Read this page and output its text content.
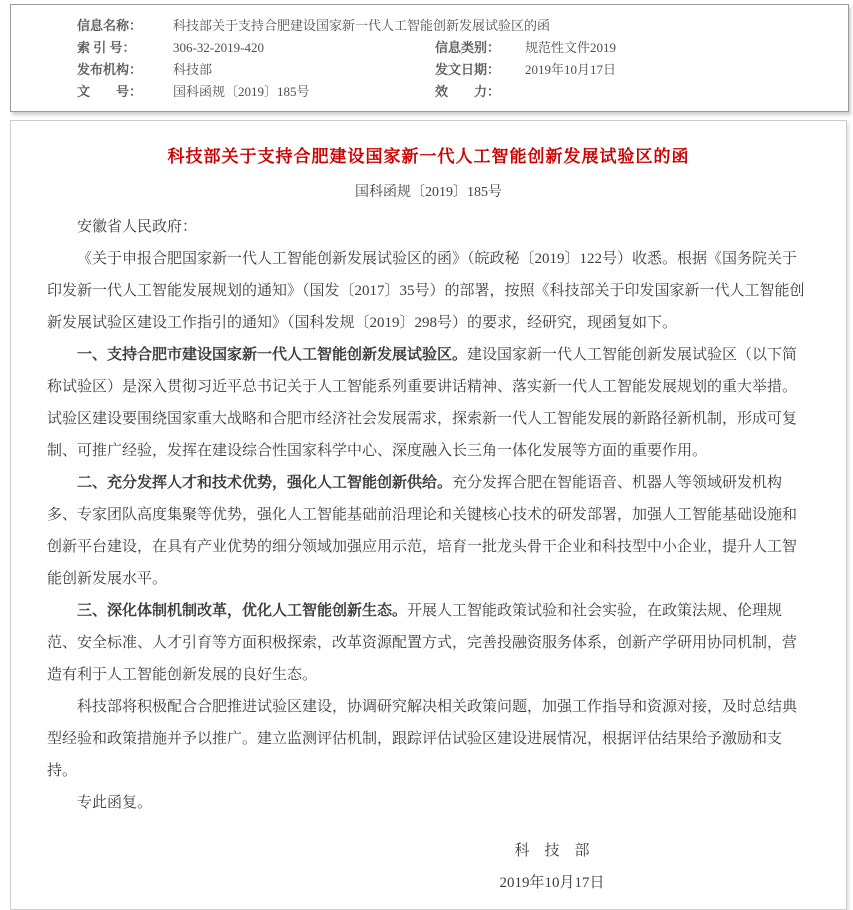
信息名称：	科技部关于支持合肥建设国家新一代人工智能创新发展试验区的函
索 引 号：	306-32-2019-420	信息类别：	规范性文件2019
发布机构：	科技部	发文日期：	2019年10月17日
文　　号：	国科函规〔2019〕185号	效　　力：
科技部关于支持合肥建设国家新一代人工智能创新发展试验区的函
国科函规〔2019〕185号

安徽省人民政府：

《关于申报合肥国家新一代人工智能创新发展试验区的函》（皖政秘〔2019〕122号）收悉。根据《国务院关于印发新一代人工智能发展规划的通知》（国发〔2017〕35号）的部署，按照《科技部关于印发国家新一代人工智能创新发展试验区建设工作指引的通知》（国科发规〔2019〕298号）的要求，经研究，现函复如下。

一、支持合肥市建设国家新一代人工智能创新发展试验区。建设国家新一代人工智能创新发展试验区（以下简称试验区）是深入贯彻习近平总书记关于人工智能系列重要讲话精神、落实新一代人工智能发展规划的重大举措。试验区建设要围绕国家重大战略和合肥市经济社会发展需求，探索新一代人工智能发展的新路径新机制，形成可复制、可推广经验，发挥在建设综合性国家科学中心、深度融入长三角一体化发展等方面的重要作用。

二、充分发挥人才和技术优势，强化人工智能创新供给。充分发挥合肥在智能语音、机器人等领域研发机构多、专家团队高度集聚等优势，强化人工智能基础前沿理论和关键核心技术的研发部署，加强人工智能基础设施和创新平台建设，在具有产业优势的细分领域加强应用示范，培育一批龙头骨干企业和科技型中小企业，提升人工智能创新发展水平。

三、深化体制机制改革，优化人工智能创新生态。开展人工智能政策试验和社会实验，在政策法规、伦理规范、安全标准、人才引育等方面积极探索，改革资源配置方式，完善投融资服务体系，创新产学研用协同机制，营造有利于人工智能创新发展的良好生态。

科技部将积极配合合肥推进试验区建设，协调研究解决相关政策问题，加强工作指导和资源对接，及时总结典型经验和政策措施并予以推广。建立监测评估机制，跟踪评估试验区建设进展情况，根据评估结果给予激励和支持。

专此函复。

科　技　部
2019年10月17日
